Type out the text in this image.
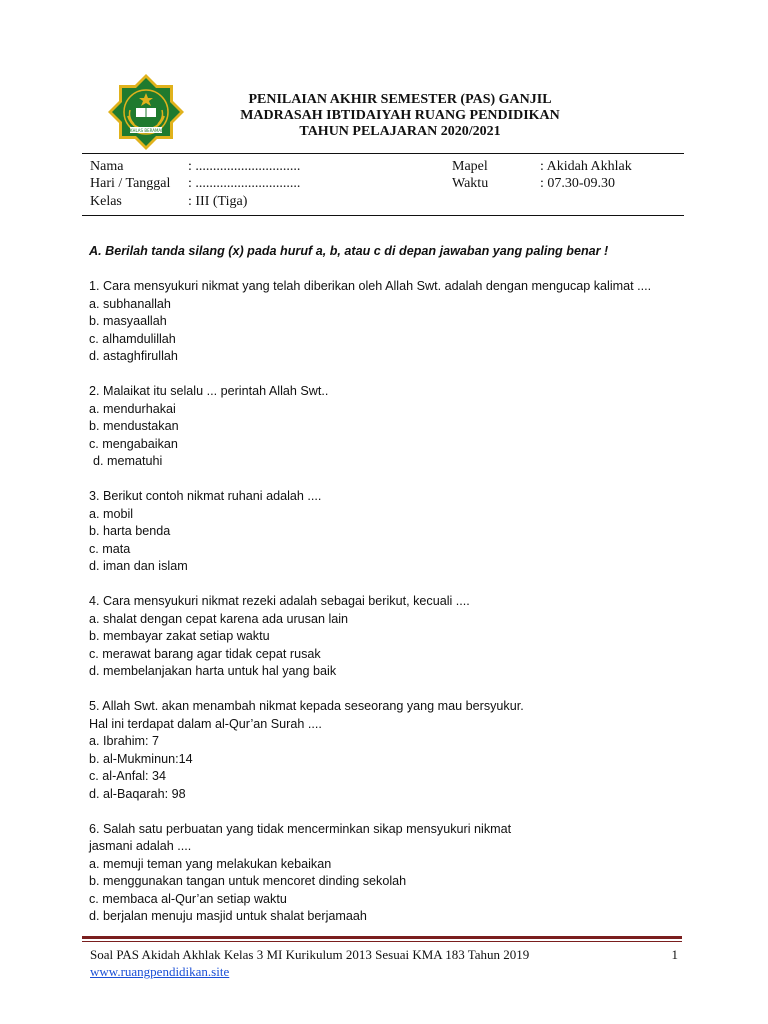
IKHLAS BERAMAL
PENILAIAN AKHIR SEMESTER (PAS) GANJIL
MADRASAH IBTIDAIYAH RUANG PENDIDIKAN
TAHUN PELAJARAN 2020/2021
Nama	: ..............................	Mapel	: Akidah Akhlak
Hari / Tanggal : ..............................	Waktu	: 07.30-09.30
Kelas	: III (Tiga)
A. Berilah tanda silang (x) pada huruf a, b, atau c di depan jawaban yang paling benar !
1. Cara mensyukuri nikmat yang telah diberikan oleh Allah Swt. adalah dengan mengucap kalimat ....
a. subhanallah
b. masyaallah
c. alhamdulillah
d. astaghfirullah
2. Malaikat itu selalu ... perintah Allah Swt..
a. mendurhakai
b. mendustakan
c. mengabaikan
d. mematuhi
3. Berikut contoh nikmat ruhani adalah ....
a. mobil
b. harta benda
c. mata
d. iman dan islam
4. Cara mensyukuri nikmat rezeki adalah sebagai berikut, kecuali ....
a. shalat dengan cepat karena ada urusan lain
b. membayar zakat setiap waktu
c. merawat barang agar tidak cepat rusak
d. membelanjakan harta untuk hal yang baik
5. Allah Swt. akan menambah nikmat kepada seseorang yang mau bersyukur.
Hal ini terdapat dalam al-Qur’an Surah ....
a. Ibrahim: 7
b. al-Mukminun:14
c. al-Anfal: 34
d. al-Baqarah: 98
6. Salah satu perbuatan yang tidak mencerminkan sikap mensyukuri nikmat
jasmani adalah ....
a. memuji teman yang melakukan kebaikan
b. menggunakan tangan untuk mencoret dinding sekolah
c. membaca al-Qur’an setiap waktu
d. berjalan menuju masjid untuk shalat berjamaah
Soal PAS Akidah Akhlak Kelas 3 MI Kurikulum 2013 Sesuai KMA 183 Tahun 2019	1
www.ruangpendidikan.site
